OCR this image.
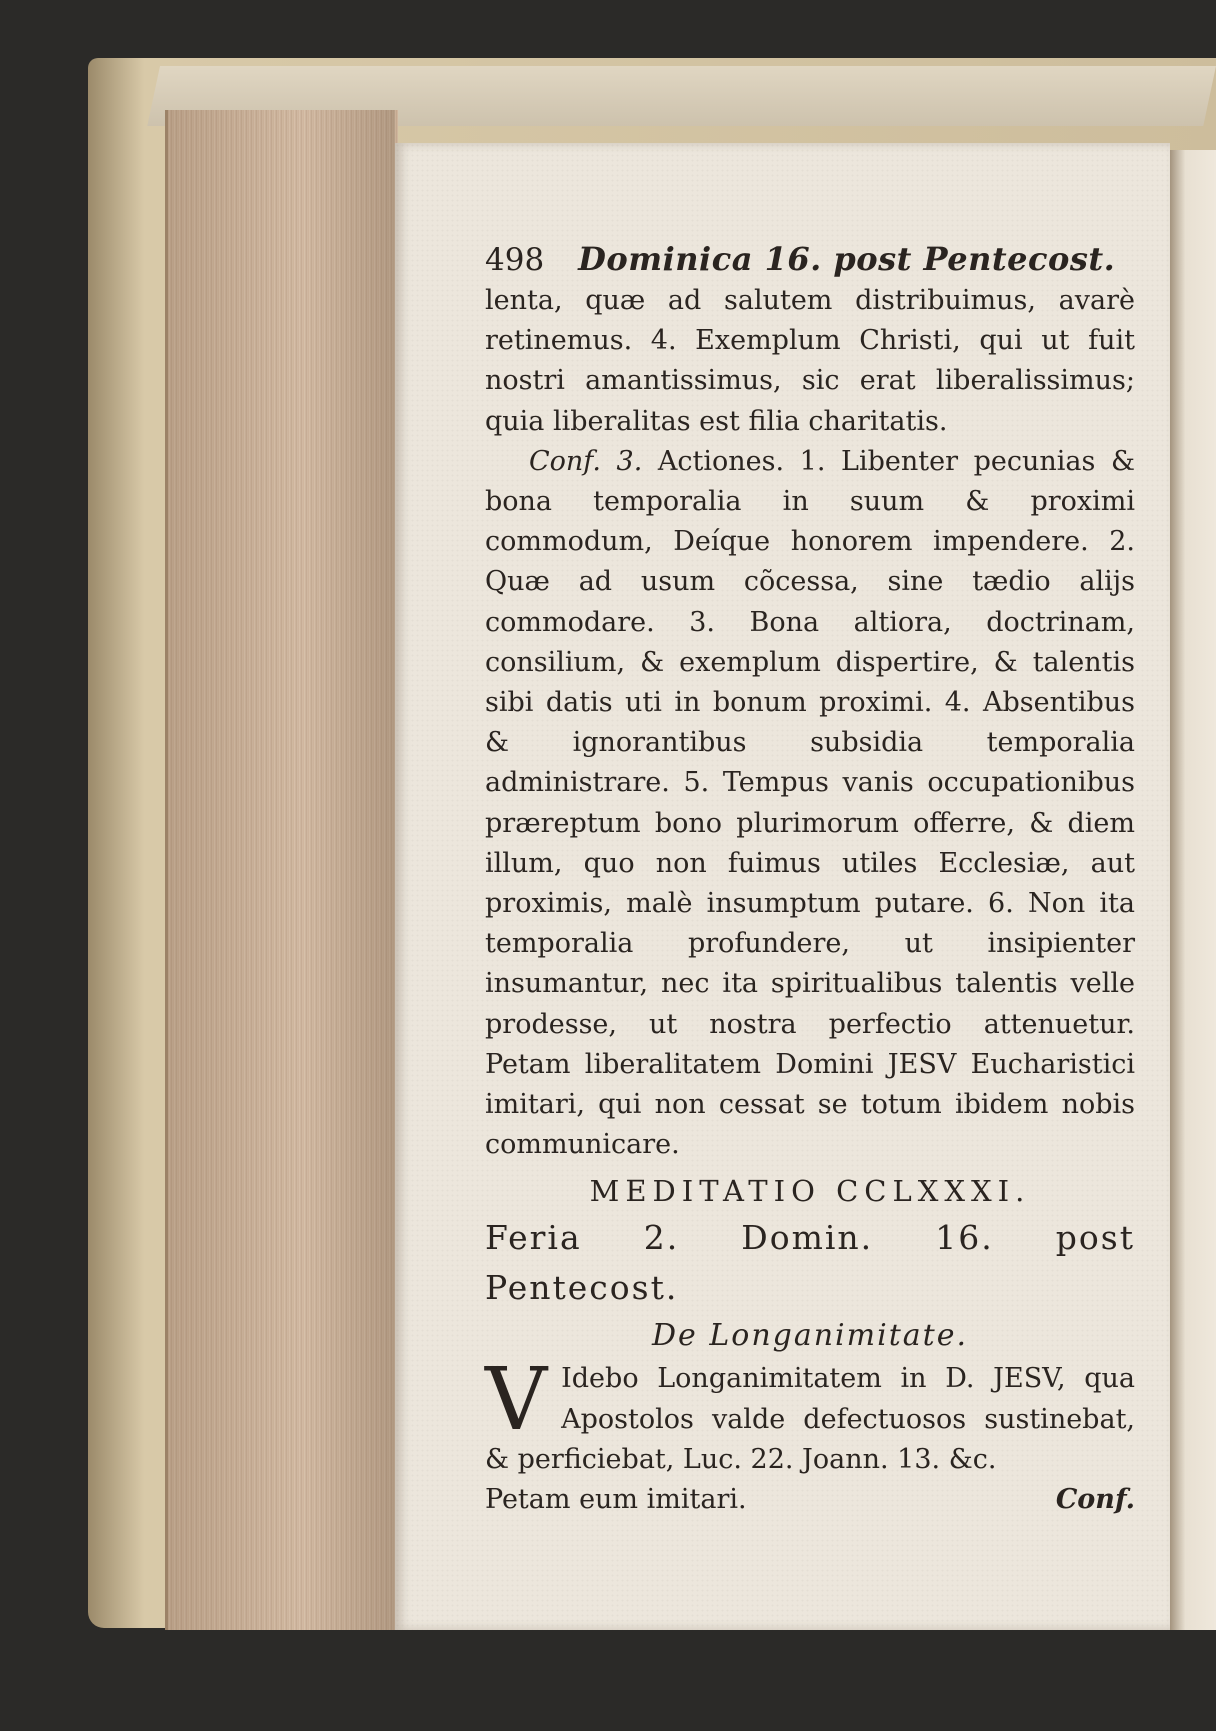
498 Dominica 16. post Pentecost.

lenta, quæ ad salutem distribuimus, avarè retinemus. 4. Exemplum Christi, qui ut fuit nostri amantissimus, sic erat liberalissimus; quia liberalitas est filia charitatis.

Conf. 3. Actiones. 1. Libenter pecunias & bona temporalia in suum & proximi commodum, Deíque honorem impendere. 2. Quæ ad usum cõcessa, sine tædio alijs commodare. 3. Bona altiora, doctrinam, consilium, & exemplum dispertire, & talentis sibi datis uti in bonum proximi. 4. Absentibus & ignorantibus subsidia temporalia administrare. 5. Tempus vanis occupationibus præreptum bono plurimorum offerre, & diem illum, quo non fuimus utiles Ecclesiæ, aut proximis, malè insumptum putare. 6. Non ita temporalia profundere, ut insipienter insumantur, nec ita spiritualibus talentis velle prodesse, ut nostra perfectio attenuetur. Petam liberalitatem Domini JESV Eucharistici imitari, qui non cessat se totum ibidem nobis communicare.

MEDITATIO CCLXXXI.
Feria 2. Domin. 16. post Pentecost.
De Longanimitate.
V Idebo Longanimitatem in D. JESV, qua Apostolos valde defectuosos sustinebat, & perficiebat, Luc. 22. Joann. 13. &c.
Petam eum imitari.	Conf.
